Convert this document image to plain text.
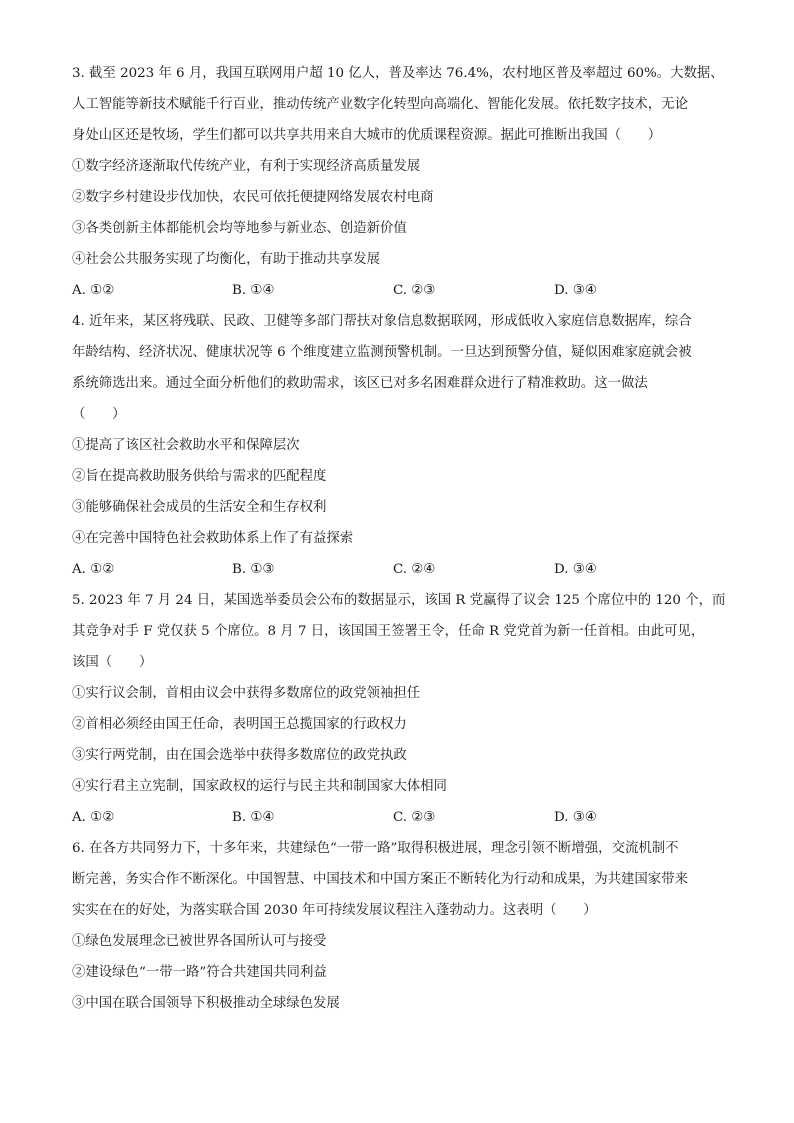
3. 截至 2023 年 6 月，我国互联网用户超 10 亿人，普及率达 76.4%，农村地区普及率超过 60%。大数据、

人工智能等新技术赋能千行百业，推动传统产业数字化转型向高端化、智能化发展。依托数字技术，无论

身处山区还是牧场，学生们都可以共享共用来自大城市的优质课程资源。据此可推断出我国（　　）

①数字经济逐渐取代传统产业，有利于实现经济高质量发展

②数字乡村建设步伐加快，农民可依托便捷网络发展农村电商

③各类创新主体都能机会均等地参与新业态、创造新价值

④社会公共服务实现了均衡化，有助于推动共享发展

A. ①②	B. ①④	C. ②③	D. ③④

4. 近年来，某区将残联、民政、卫健等多部门帮扶对象信息数据联网，形成低收入家庭信息数据库，综合

年龄结构、经济状况、健康状况等 6 个维度建立监测预警机制。一旦达到预警分值，疑似困难家庭就会被

系统筛选出来。通过全面分析他们的救助需求，该区已对多名困难群众进行了精准救助。这一做法

（　　）

①提高了该区社会救助水平和保障层次

②旨在提高救助服务供给与需求的匹配程度

③能够确保社会成员的生活安全和生存权利

④在完善中国特色社会救助体系上作了有益探索

A. ①②	B. ①③	C. ②④	D. ③④

5. 2023 年 7 月 24 日，某国选举委员会公布的数据显示，该国 R 党赢得了议会 125 个席位中的 120 个，而

其竞争对手 F 党仅获 5 个席位。8 月 7 日，该国国王签署王令，任命 R 党党首为新一任首相。由此可见，

该国（　　）

①实行议会制，首相由议会中获得多数席位的政党领袖担任

②首相必须经由国王任命，表明国王总揽国家的行政权力

③实行两党制，由在国会选举中获得多数席位的政党执政

④实行君主立宪制，国家政权的运行与民主共和制国家大体相同

A. ①②	B. ①④	C. ②③	D. ③④

6. 在各方共同努力下，十多年来，共建绿色“一带一路”取得积极进展，理念引领不断增强，交流机制不

断完善，务实合作不断深化。中国智慧、中国技术和中国方案正不断转化为行动和成果，为共建国家带来

实实在在的好处，为落实联合国 2030 年可持续发展议程注入蓬勃动力。这表明（　　）

①绿色发展理念已被世界各国所认可与接受

②建设绿色“一带一路”符合共建国共同利益

③中国在联合国领导下积极推动全球绿色发展
